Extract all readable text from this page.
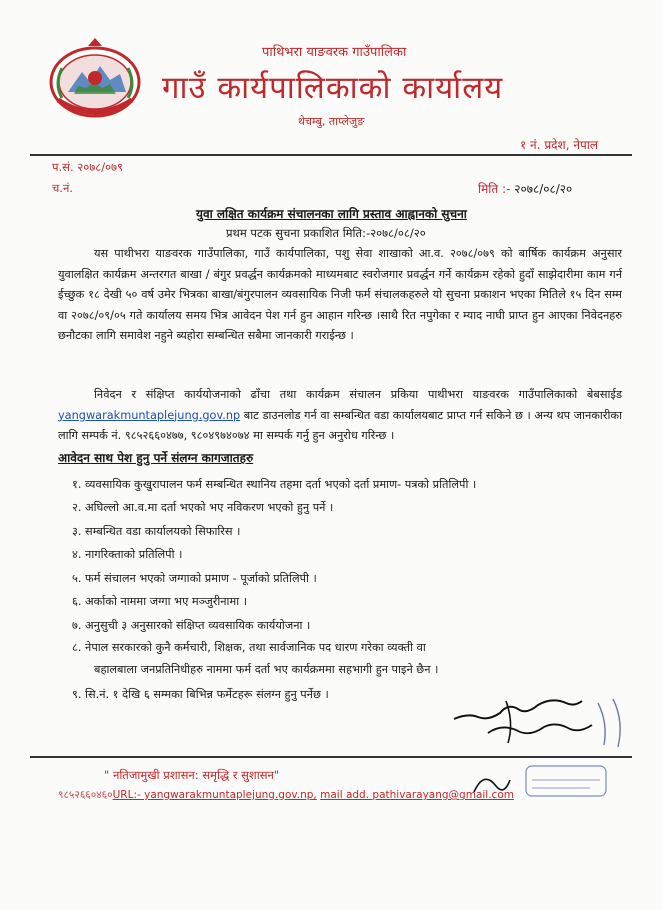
पाथिभरा याङवरक गाउँपालिका
गाउँ कार्यपालिकाको कार्यालय
थेचम्बु, ताप्लेजुङ
१ नं. प्रदेश, नेपाल
प.सं. २०७८/०७९
च.नं.	मिति :- २०७८/०८/२०
युवा लक्षित कार्यक्रम संचालनका लागि प्रस्ताव आह्वानको सुचना
प्रथम पटक सुचना प्रकाशित मिति:-२०७८/०८/२०
यस पाथीभरा याङवरक गाउँपालिका, गाउँ कार्यपालिका, पशु सेवा शाखाको आ.व. २०७८/०७९ को बार्षिक कार्यक्रम अनुसार युवालक्षित कार्यक्रम अन्तरगत बाखा / बंगुर प्रवर्द्धन कार्यक्रमको माध्यमबाट स्वरोजगार प्रवर्द्धन गर्ने कार्यक्रम रहेको हुदाँ साझेदारीमा काम गर्न ईच्छुक १८ देखी ५० वर्ष उमेर भित्रका बाखा/बंगुरपालन व्यवसायिक निजी फर्म संचालकहरुले यो सुचना प्रकाशन भएका मितिले १५ दिन सम्म वा २०७८/०९/०५ गते कार्यालय समय भित्र आवेदन पेश गर्न हुन आहान गरिन्छ ।साथै रित नपुगेका र म्याद नाघी प्राप्त हुन आएका निवेदनहरु छनौटका लागि समावेश नहुने ब्यहोरा सम्बन्धित सबैमा जानकारी गराईन्छ ।
निवेदन र संक्षिप्त कार्ययोजनाको ढाँचा तथा कार्यक्रम संचालन प्रकिया पाथीभरा याङवरक गाउँपालिकाको बेबसाईड yangwarakmuntaplejung.gov.np बाट डाउनलोड गर्न वा सम्बन्धित वडा कार्यालयबाट प्राप्त गर्न सकिने छ । अन्य थप जानकारीका लागि सम्पर्क नं. ९८५२६६०४७७, ९८०४९७४०७४ मा सम्पर्क गर्नु हुन अनुरोध गरिन्छ ।
आवेदन साथ पेश हुनु पर्ने संलग्न कागजातहरु
१. व्यवसायिक कुखुरापालन फर्म सम्बन्धित स्थानिय तहमा दर्ता भएको दर्ता प्रमाण- पत्रको प्रतिलिपी ।
२. अघिल्लो आ.व.मा दर्ता भएको भए नविकरण भएको हुनु पर्ने ।
३. सम्बन्धित वडा कार्यालयको सिफारिस ।
४. नागरिक्ताको प्रतिलिपी ।
५. फर्म संचालन भएको जग्गाको प्रमाण - पूर्जाको प्रतिलिपी ।
६. अर्काको नाममा जग्गा भए मञ्जुरीनामा ।
७. अनुसुची ३ अनुसारको संक्षिप्त व्यवसायिक कार्ययोजना ।
८. नेपाल सरकारको कुनै कर्मचारी, शिक्षक, तथा सार्वजानिक पद धारण गरेका व्यक्ती वा
बहालबाला जनप्रतिनिधीहरु नाममा फर्म दर्ता भए कार्यक्रममा सहभागी हुन पाइने छैन ।
९. सि.नं. १ देखि ६ सम्मका बिभिन्न फर्मेटहरू संलग्न हुनु पर्नेछ ।
" नतिजामुखी प्रशासन: समृद्धि र सुशासन"
९८५२६६०४६०URL:- yangwarakmuntaplejung.gov.np, mail add. pathivarayang@gmail.com
